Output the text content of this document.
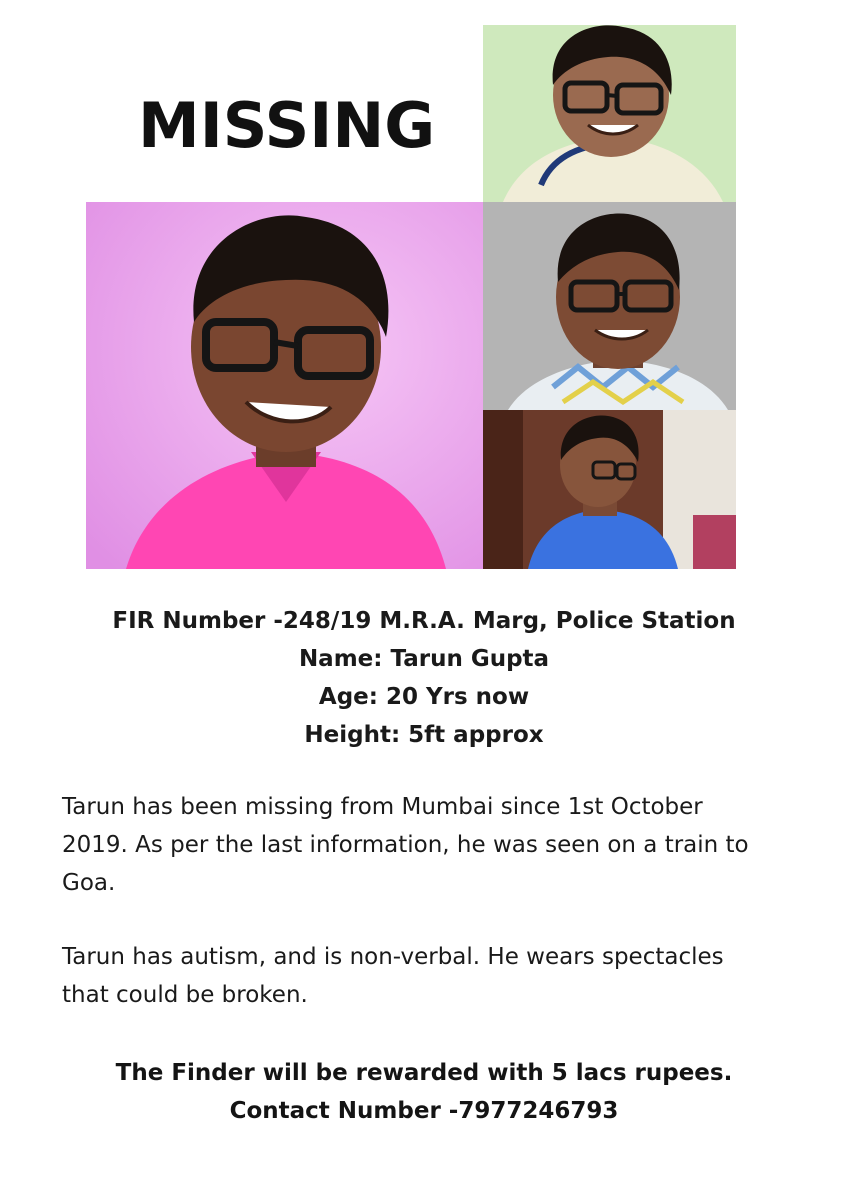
MISSING
FIR Number -248/19 M.R.A. Marg, Police Station
Name: Tarun Gupta
Age: 20 Yrs now
Height: 5ft approx

Tarun has been missing from Mumbai since 1st October 2019. As per the last information, he was seen on a train to Goa.

Tarun has autism, and is non-verbal. He wears spectacles that could be broken.

The Finder will be rewarded with 5 lacs rupees.
Contact Number -7977246793
